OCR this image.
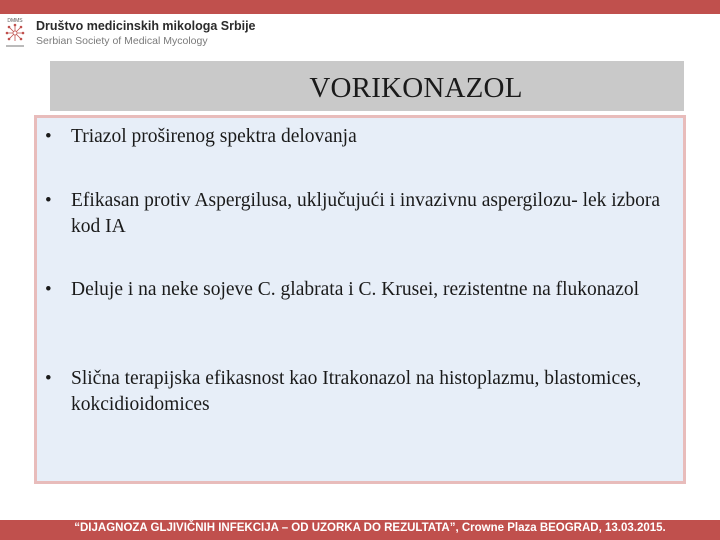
DMMS Društvo medicinskih mikologa Srbije
Serbian Society of Medical Mycology
VORIKONAZOL
• Triazol proširenog spektra delovanja
• Efikasan protiv Aspergilusa, uključujući i invazivnu aspergilozu- lek izbora kod IA
• Deluje i na neke sojeve C. glabrata i C. Krusei, rezistentne na flukonazol
• Slična terapijska efikasnost kao Itrakonazol na histoplazmu, blastomices, kokcidioidomices
“DIJAGNOZA GLJIVIČNIH INFEKCIJA – OD UZORKA DO REZULTATA”, Crowne Plaza BEOGRAD, 13.03.2015.
